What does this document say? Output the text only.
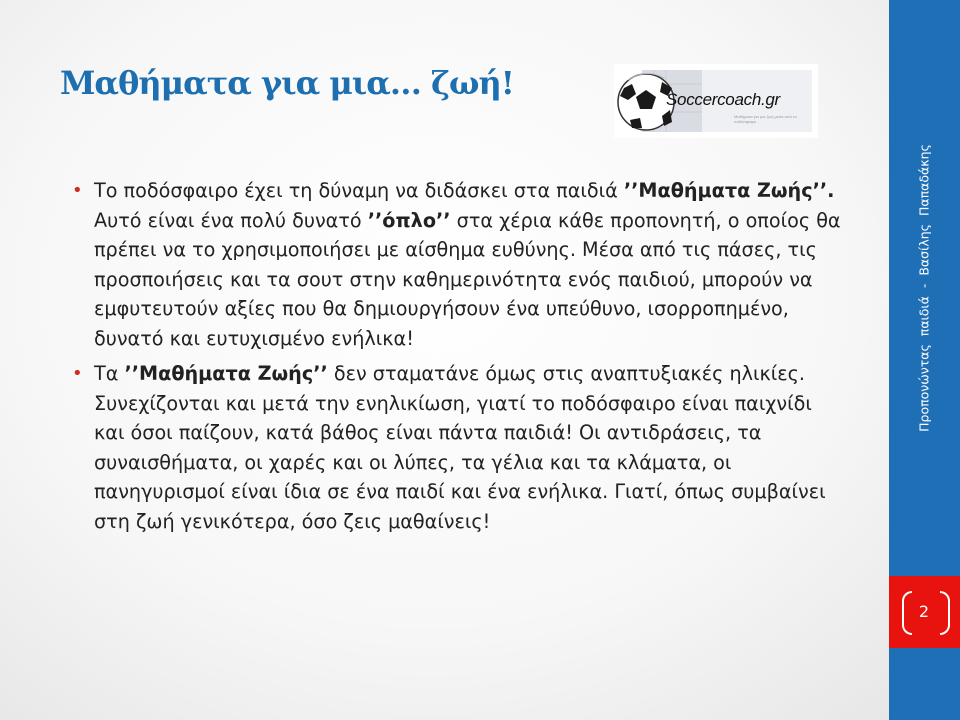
Μαθήματα για μια… ζωή!	Soccercoach.gr
Μαθήματα για μια ζωή μέσα από το ποδόσφαιρο
• Το ποδόσφαιρο έχει τη δύναμη να διδάσκει στα παιδιά ’’Μαθήματα Ζωής’’. Αυτό είναι ένα πολύ δυνατό ’’όπλο’’ στα χέρια κάθε προπονητή, ο οποίος θα πρέπει να το χρησιμοποιήσει με αίσθημα ευθύνης. Μέσα από τις πάσες, τις προσποιήσεις και τα σουτ στην καθημερινότητα ενός παιδιού, μπορούν να εμφυτευτούν αξίες που θα δημιουργήσουν ένα υπεύθυνο, ισορροπημένο, δυνατό και ευτυχισμένο ενήλικα!
• Τα ’’Μαθήματα Ζωής’’ δεν σταματάνε όμως στις αναπτυξιακές ηλικίες. Συνεχίζονται και μετά την ενηλικίωση, γιατί το ποδόσφαιρο είναι παιχνίδι και όσοι παίζουν, κατά βάθος είναι πάντα παιδιά! Οι αντιδράσεις, τα συναισθήματα, οι χαρές και οι λύπες, τα γέλια και τα κλάματα, οι πανηγυρισμοί είναι ίδια σε ένα παιδί και ένα ενήλικα. Γιατί, όπως συμβαίνει στη ζωή γενικότερα, όσο ζεις μαθαίνεις!
Προπονώντας παιδιά - Βασίλης Παπαδάκης
2
